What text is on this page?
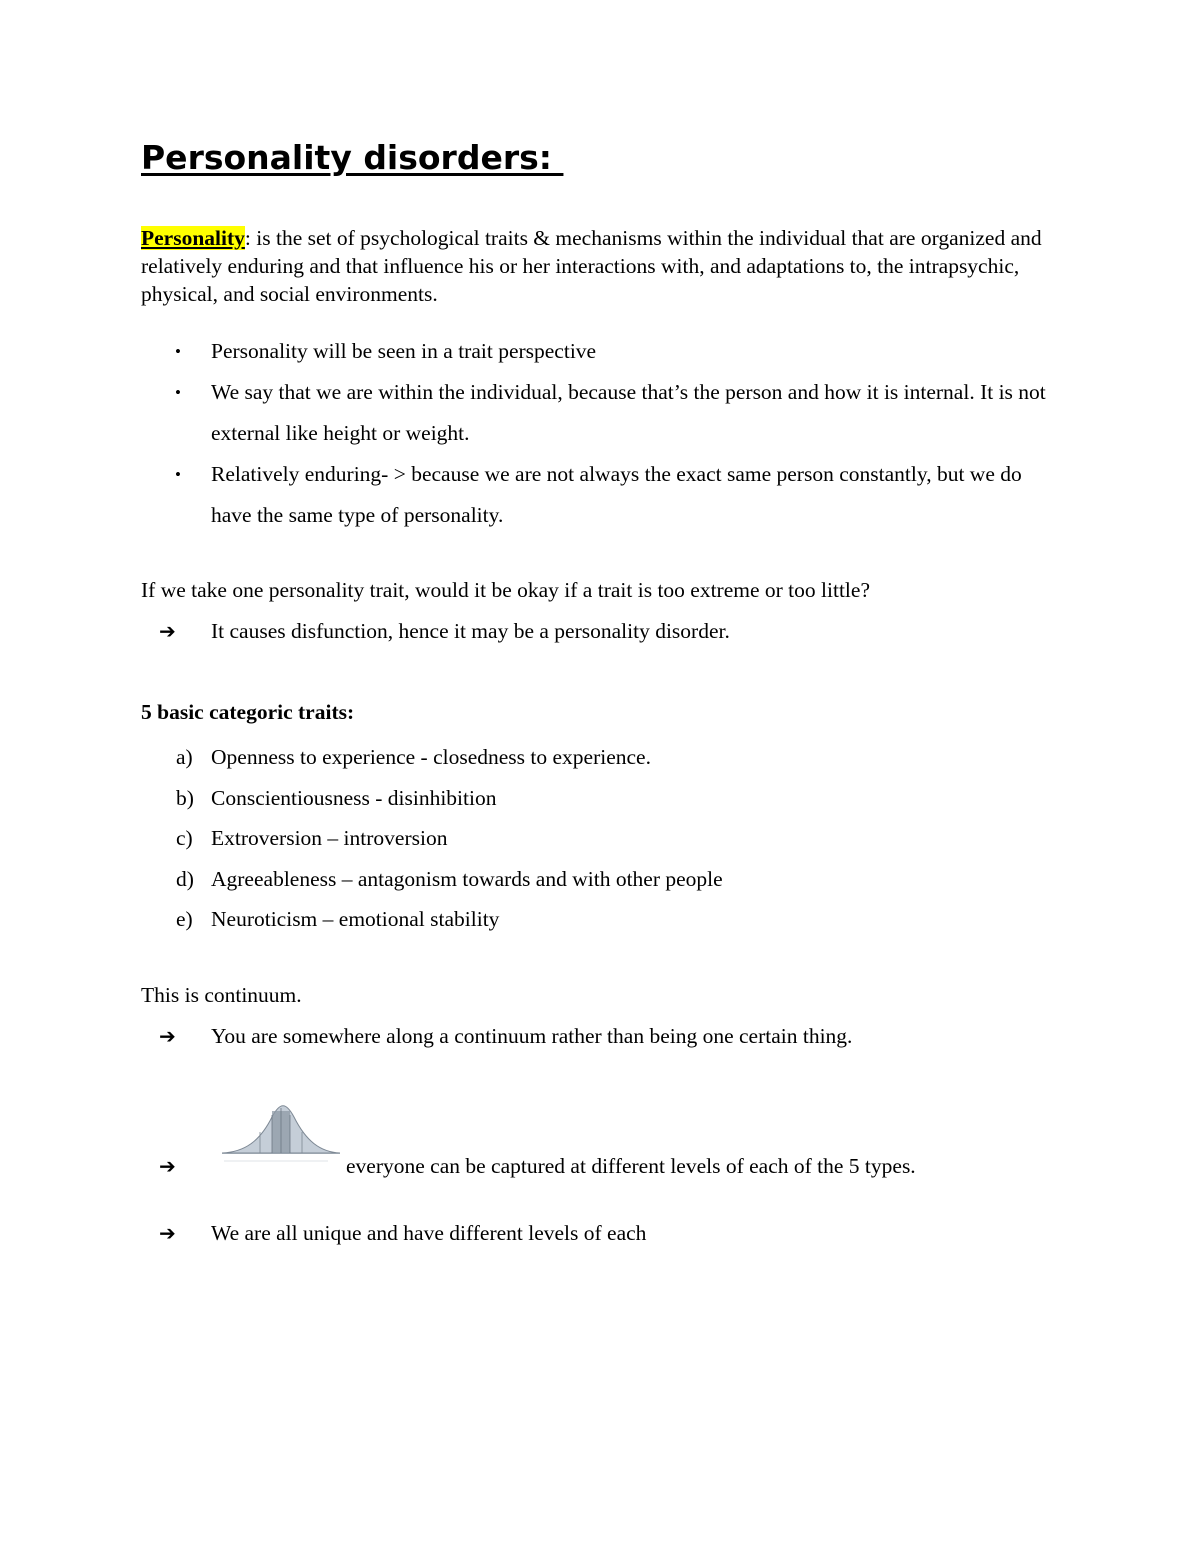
Personality disorders:
Personality: is the set of psychological traits & mechanisms within the individual that are organized and relatively enduring and that influence his or her interactions with, and adaptations to, the intrapsychic, physical, and social environments.
• Personality will be seen in a trait perspective
• We say that we are within the individual, because that’s the person and how it is internal. It is not external like height or weight.
• Relatively enduring- > because we are not always the exact same person constantly, but we do have the same type of personality.
If we take one personality trait, would it be okay if a trait is too extreme or too little?
➔ It causes disfunction, hence it may be a personality disorder.
5 basic categoric traits:
a) Openness to experience - closedness to experience.
b) Conscientiousness - disinhibition
c) Extroversion – introversion
d) Agreeableness – antagonism towards and with other people
e) Neuroticism – emotional stability
This is continuum.
➔ You are somewhere along a continuum rather than being one certain thing.
➔	everyone can be captured at different levels of each of the 5 types.
➔ We are all unique and have different levels of each
